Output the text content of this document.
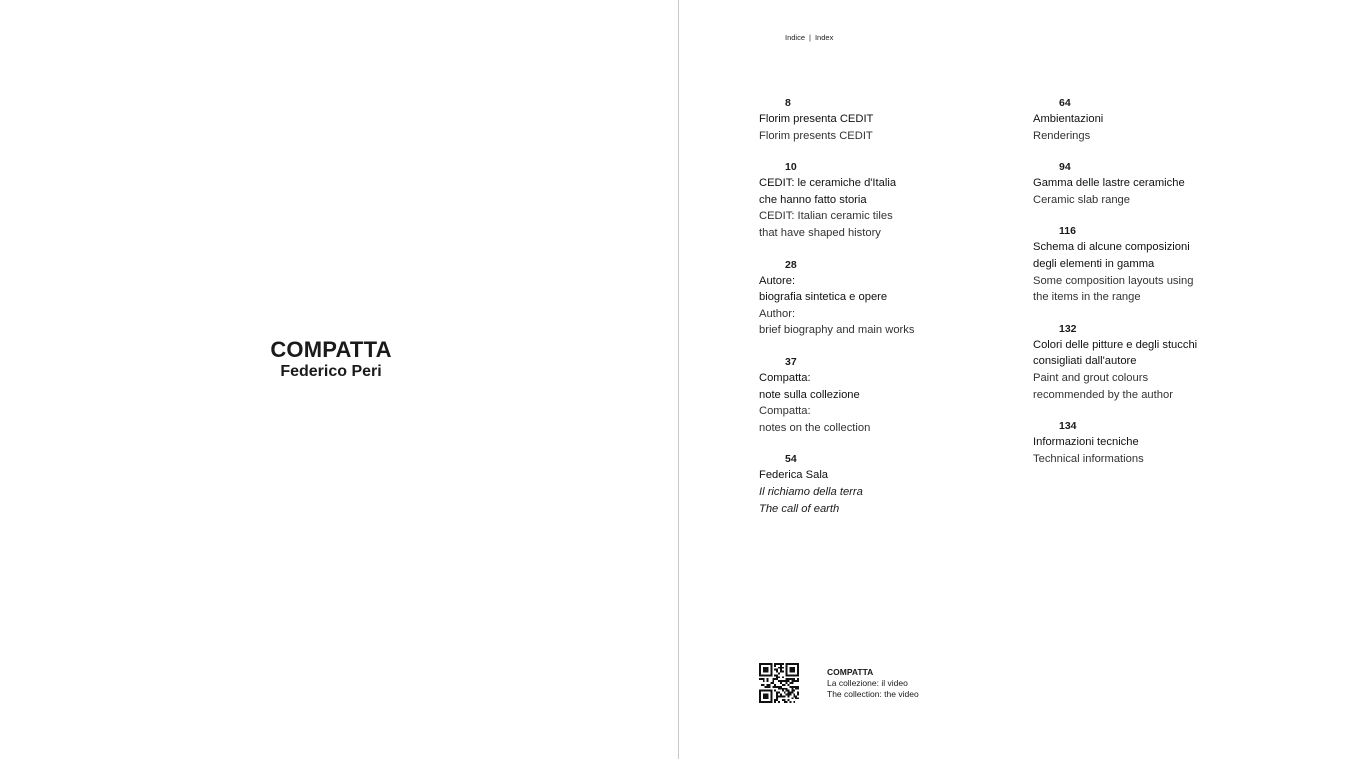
COMPATTA
Federico Peri
Indice | Index
8
Florim presenta CEDIT
Florim presents CEDIT
10
CEDIT: le ceramiche d'Italia
che hanno fatto storia
CEDIT: Italian ceramic tiles
that have shaped history
28
Autore:
biografia sintetica e opere
Author:
brief biography and main works
37
Compatta:
note sulla collezione
Compatta:
notes on the collection
54
Federica Sala
Il richiamo della terra
The call of earth
64
Ambientazioni
Renderings
94
Gamma delle lastre ceramiche
Ceramic slab range
116
Schema di alcune composizioni
degli elementi in gamma
Some composition layouts using
the items in the range
132
Colori delle pitture e degli stucchi
consigliati dall'autore
Paint and grout colours
recommended by the author
134
Informazioni tecniche
Technical informations
COMPATTA
La collezione: il video
The collection: the video
